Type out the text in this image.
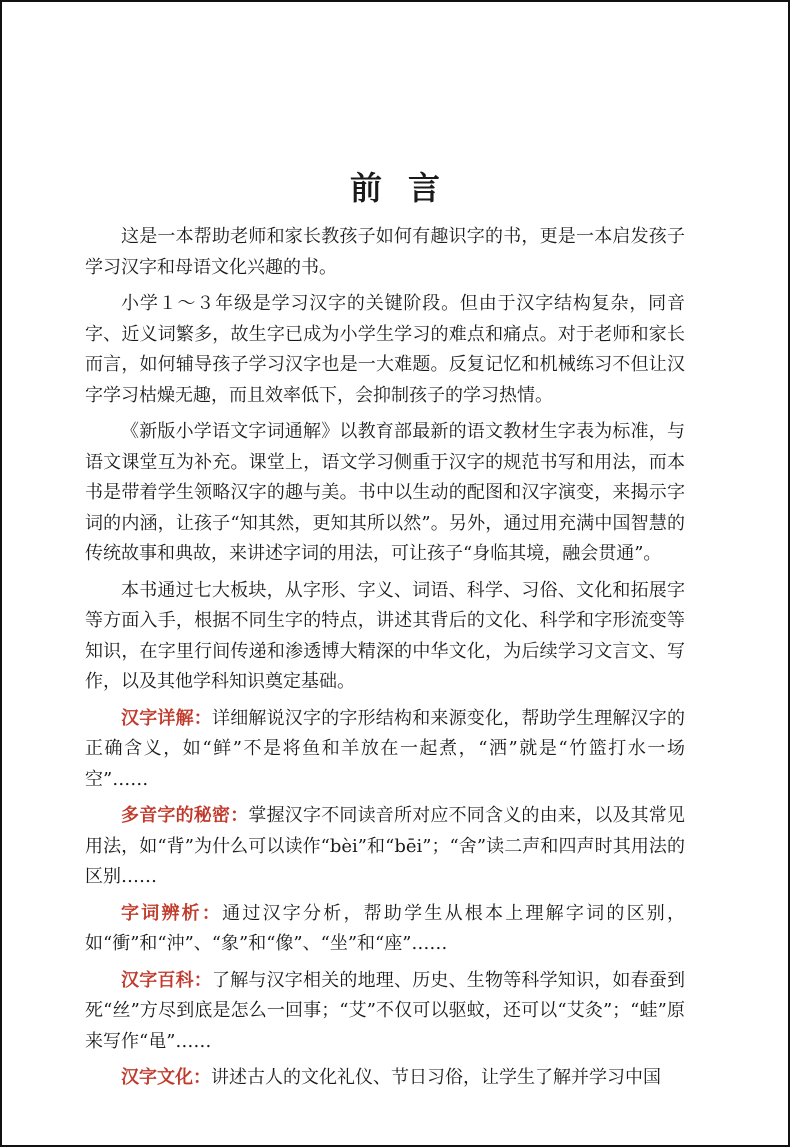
前言

这是一本帮助老师和家长教孩子如何有趣识字的书，更是一本启发孩子学习汉字和母语文化兴趣的书。

小学１～３年级是学习汉字的关键阶段。但由于汉字结构复杂，同音字、近义词繁多，故生字已成为小学生学习的难点和痛点。对于老师和家长而言，如何辅导孩子学习汉字也是一大难题。反复记忆和机械练习不但让汉字学习枯燥无趣，而且效率低下，会抑制孩子的学习热情。

《新版小学语文字词通解》以教育部最新的语文教材生字表为标准，与语文课堂互为补充。课堂上，语文学习侧重于汉字的规范书写和用法，而本书是带着学生领略汉字的趣与美。书中以生动的配图和汉字演变，来揭示字词的内涵，让孩子“知其然，更知其所以然”。另外，通过用充满中国智慧的传统故事和典故，来讲述字词的用法，可让孩子“身临其境，融会贯通”。

本书通过七大板块，从字形、字义、词语、科学、习俗、文化和拓展字等方面入手，根据不同生字的特点，讲述其背后的文化、科学和字形流变等知识，在字里行间传递和渗透博大精深的中华文化，为后续学习文言文、写作，以及其他学科知识奠定基础。

汉字详解：详细解说汉字的字形结构和来源变化，帮助学生理解汉字的正确含义，如“鲜”不是将鱼和羊放在一起煮，“洒”就是“竹篮打水一场空”……

多音字的秘密：掌握汉字不同读音所对应不同含义的由来，以及其常见用法，如“背”为什么可以读作“bèi”和“bēi”；“舍”读二声和四声时其用法的区别……

字词辨析：通过汉字分析，帮助学生从根本上理解字词的区别，如“衝”和“沖”、“象”和“像”、“坐”和“座”……

汉字百科：了解与汉字相关的地理、历史、生物等科学知识，如春蚕到死“丝”方尽到底是怎么一回事；“艾”不仅可以驱蚊，还可以“艾灸”；“蛙”原来写作“黾”……

汉字文化：讲述古人的文化礼仪、节日习俗，让学生了解并学习中国
